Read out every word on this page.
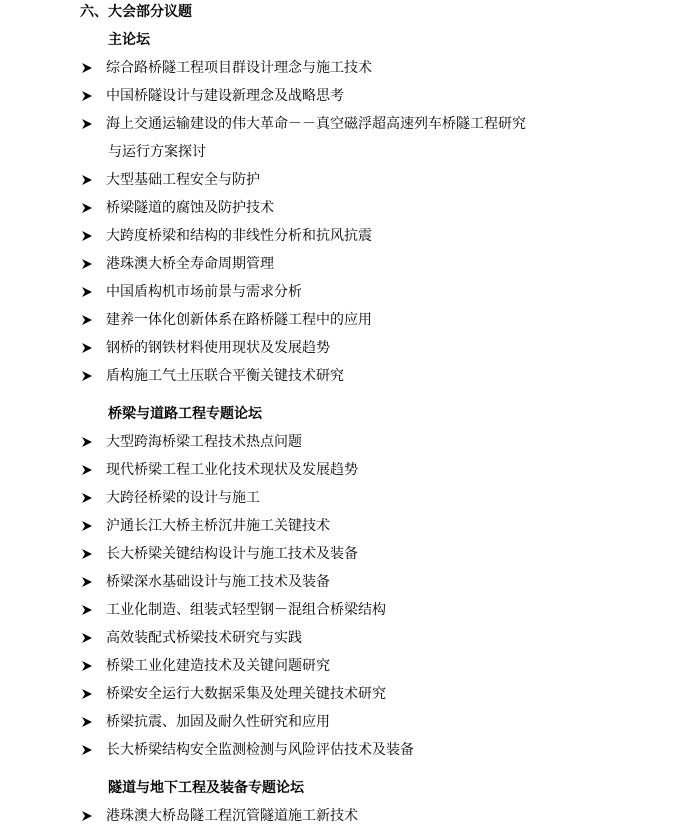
六、大会部分议题
主论坛
综合路桥隧工程项目群设计理念与施工技术
中国桥隧设计与建设新理念及战略思考
海上交通运输建设的伟大革命－－真空磁浮超高速列车桥隧工程研究
与运行方案探讨
大型基础工程安全与防护
桥梁隧道的腐蚀及防护技术
大跨度桥梁和结构的非线性分析和抗风抗震
港珠澳大桥全寿命周期管理
中国盾构机市场前景与需求分析
建养一体化创新体系在路桥隧工程中的应用
钢桥的钢铁材料使用现状及发展趋势
盾构施工气土压联合平衡关键技术研究
桥梁与道路工程专题论坛
大型跨海桥梁工程技术热点问题
现代桥梁工程工业化技术现状及发展趋势
大跨径桥梁的设计与施工
沪通长江大桥主桥沉井施工关键技术
长大桥梁关键结构设计与施工技术及装备
桥梁深水基础设计与施工技术及装备
工业化制造、组装式轻型钢－混组合桥梁结构
高效装配式桥梁技术研究与实践
桥梁工业化建造技术及关键问题研究
桥梁安全运行大数据采集及处理关键技术研究
桥梁抗震、加固及耐久性研究和应用
长大桥梁结构安全监测检测与风险评估技术及装备
隧道与地下工程及装备专题论坛
港珠澳大桥岛隧工程沉管隧道施工新技术
